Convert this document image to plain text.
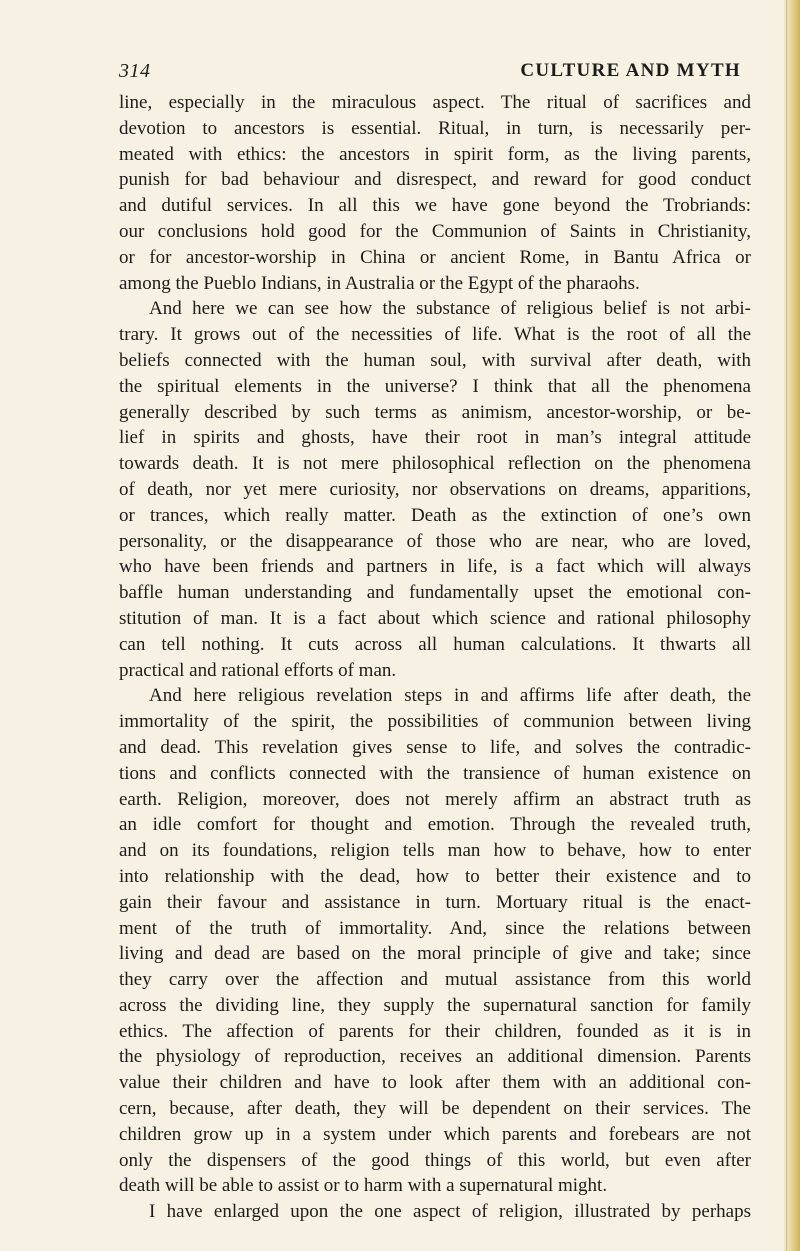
314	CULTURE AND MYTH
line, especially in the miraculous aspect. The ritual of sacrifices and
devotion to ancestors is essential. Ritual, in turn, is necessarily per-
meated with ethics: the ancestors in spirit form, as the living parents,
punish for bad behaviour and disrespect, and reward for good conduct
and dutiful services. In all this we have gone beyond the Trobriands:
our conclusions hold good for the Communion of Saints in Christianity,
or for ancestor-worship in China or ancient Rome, in Bantu Africa or
among the Pueblo Indians, in Australia or the Egypt of the pharaohs.
And here we can see how the substance of religious belief is not arbi-
trary. It grows out of the necessities of life. What is the root of all the
beliefs connected with the human soul, with survival after death, with
the spiritual elements in the universe? I think that all the phenomena
generally described by such terms as animism, ancestor-worship, or be-
lief in spirits and ghosts, have their root in man’s integral attitude
towards death. It is not mere philosophical reflection on the phenomena
of death, nor yet mere curiosity, nor observations on dreams, apparitions,
or trances, which really matter. Death as the extinction of one’s own
personality, or the disappearance of those who are near, who are loved,
who have been friends and partners in life, is a fact which will always
baffle human understanding and fundamentally upset the emotional con-
stitution of man. It is a fact about which science and rational philosophy
can tell nothing. It cuts across all human calculations. It thwarts all
practical and rational efforts of man.
And here religious revelation steps in and affirms life after death, the
immortality of the spirit, the possibilities of communion between living
and dead. This revelation gives sense to life, and solves the contradic-
tions and conflicts connected with the transience of human existence on
earth. Religion, moreover, does not merely affirm an abstract truth as
an idle comfort for thought and emotion. Through the revealed truth,
and on its foundations, religion tells man how to behave, how to enter
into relationship with the dead, how to better their existence and to
gain their favour and assistance in turn. Mortuary ritual is the enact-
ment of the truth of immortality. And, since the relations between
living and dead are based on the moral principle of give and take; since
they carry over the affection and mutual assistance from this world
across the dividing line, they supply the supernatural sanction for family
ethics. The affection of parents for their children, founded as it is in
the physiology of reproduction, receives an additional dimension. Parents
value their children and have to look after them with an additional con-
cern, because, after death, they will be dependent on their services. The
children grow up in a system under which parents and forebears are not
only the dispensers of the good things of this world, but even after
death will be able to assist or to harm with a supernatural might.
I have enlarged upon the one aspect of religion, illustrated by perhaps
